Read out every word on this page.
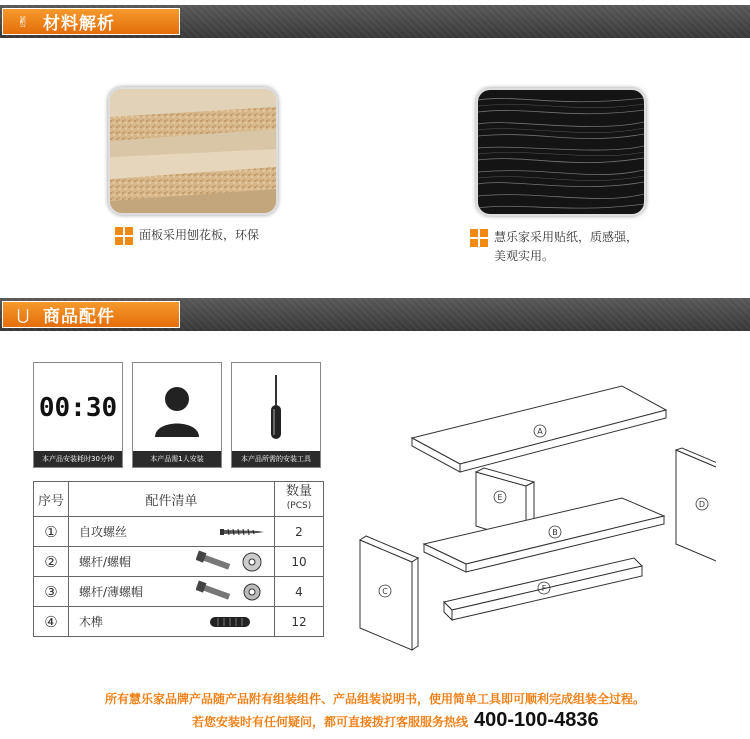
✌ 材料解析
面板采用刨花板，环保	慧乐家采用贴纸，质感强，
美观实用。
⋃ 商品配件
00:30
本产品安装耗时30分钟	本产品需1人安装	本产品所需的安装工具
序号	配件清单	数量
(PCS)

①	自攻螺丝	2
②	螺杆/螺帽	10
③	螺杆/薄螺帽	4
④	木榫	12
A
E
D
B
C	F
所有慧乐家品牌产品随产品附有组装组件、产品组装说明书，使用简单工具即可顺利完成组装全过程。
若您安装时有任何疑问，都可直接拨打客服服务热线 400-100-4836
